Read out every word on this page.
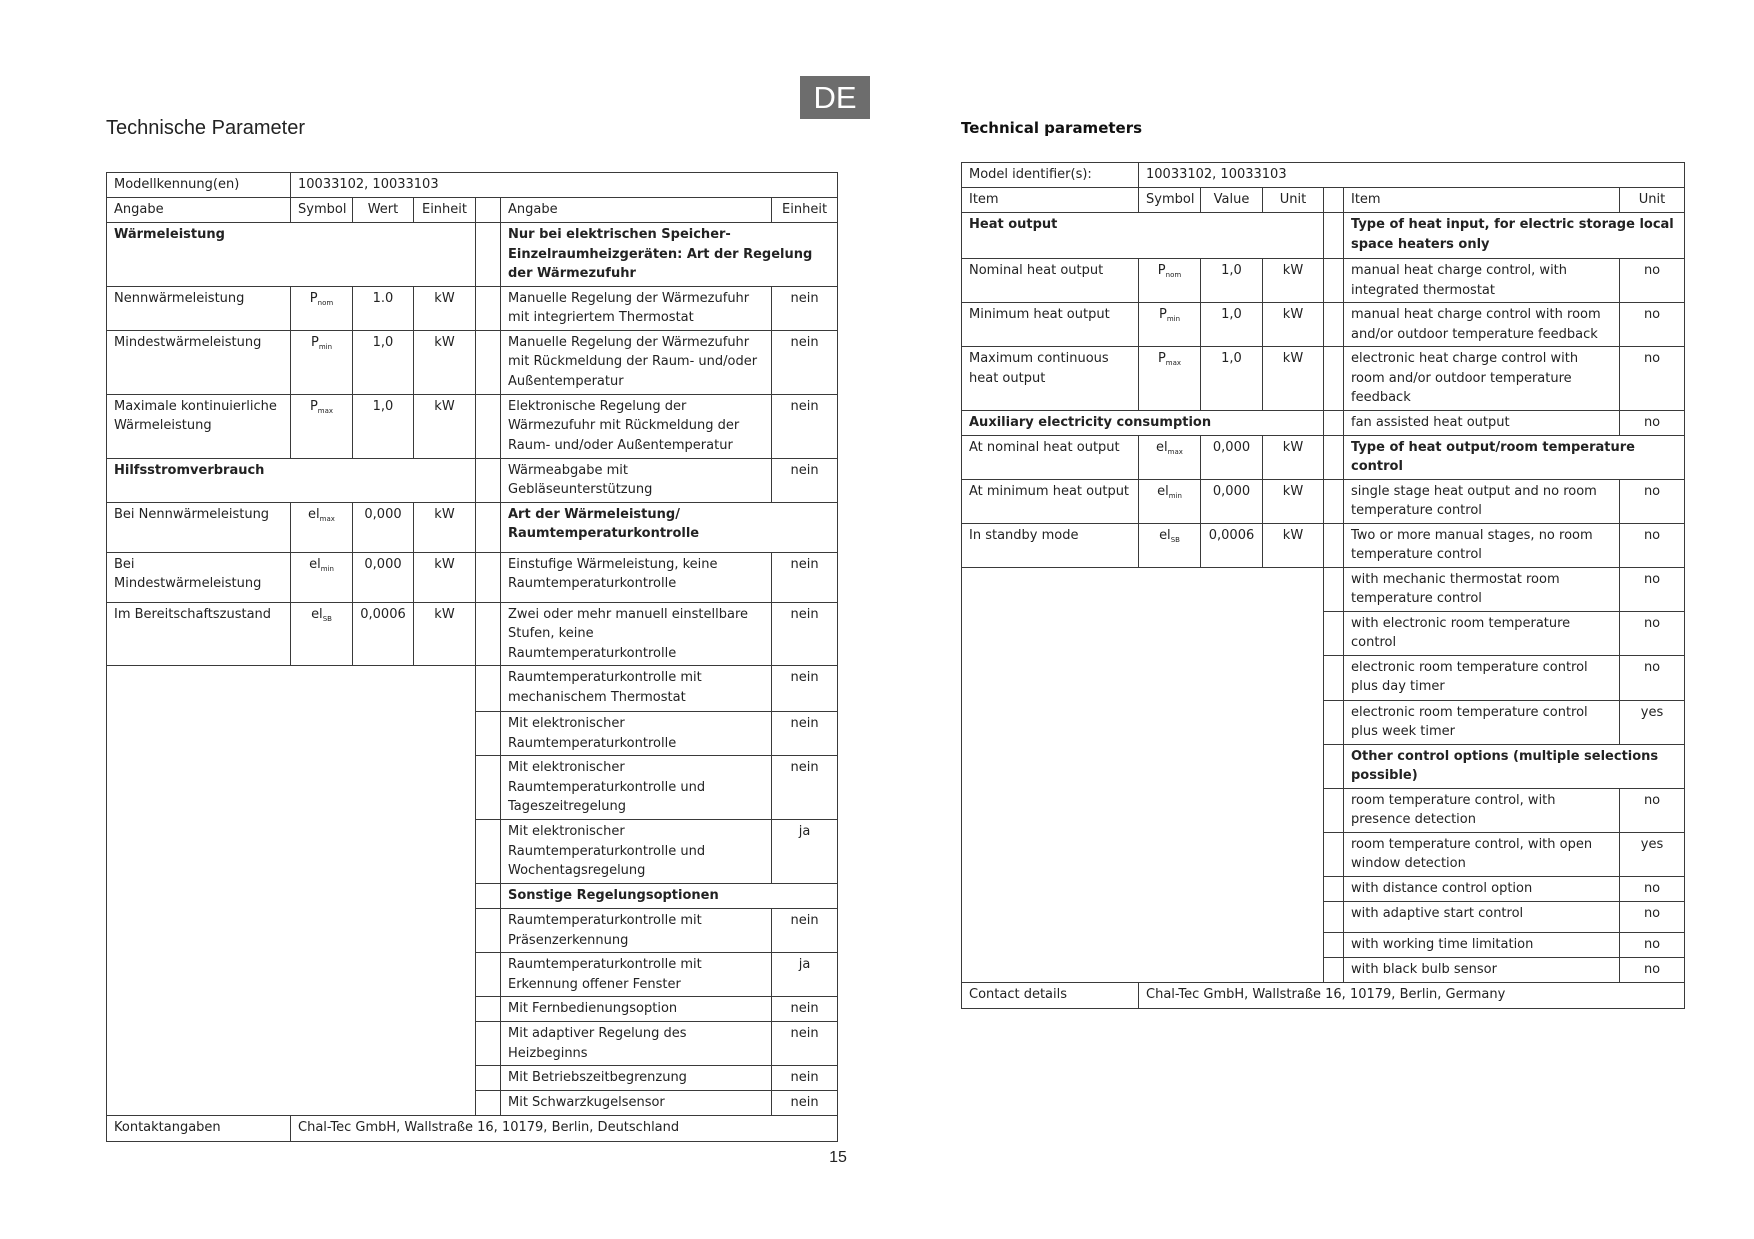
DE
Technische Parameter	Technical parameters
Modellkennung(en)	10033102, 10033103					
Angabe	Symbol	Wert	Einheit		Angabe	Einheit
Wärmeleistung					Nur bei elektrischen Speicher-Einzelraumheizgeräten: Art der Regelung der Wärmezufuhr	
Nennwärmeleistung	$P_{nom}$	1.0	kW		Manuelle Regelung der Wärmezufuhr mit integriertem Thermostat	nein
Mindestwärmeleistung	$P_{min}$	1,0	kW		Manuelle Regelung der Wärmezufuhr mit Rückmeldung der Raum- und/oder Außentemperatur	nein
Maximale kontinuierliche Wärmeleistung	$P_{max}$	1,0	kW		Elektronische Regelung der Wärmezufuhr mit Rückmeldung der Raum- und/oder Außentemperatur	nein
Hilfsstromverbrauch					Wärmeabgabe mit Gebläseunterstützung	nein
Bei Nennwärmeleistung	$el_{max}$	0,000	kW		Art der Wärmeleistung/ Raumtemperaturkontrolle	
Bei Mindestwärmeleistung	$el_{min}$	0,000	kW		Einstufige Wärmeleistung, keine Raumtemperaturkontrolle	nein
Im Bereitschaftszustand	$el_{SB}$	0,0006	kW		Zwei oder mehr manuell einstellbare Stufen, keine Raumtemperaturkontrolle	nein
					Raumtemperaturkontrolle mit mechanischem Thermostat	nein
					Mit elektronischer Raumtemperaturkontrolle	nein
					Mit elektronischer Raumtemperaturkontrolle und Tageszeitregelung	nein
					Mit elektronischer Raumtemperaturkontrolle und Wochentagsregelung	ja
					Sonstige Regelungsoptionen	
					Raumtemperaturkontrolle mit Präsenzerkennung	nein
					Raumtemperaturkontrolle mit Erkennung offener Fenster	ja
					Mit Fernbedienungsoption	nein
					Mit adaptiver Regelung des Heizbeginns	nein
					Mit Betriebszeitbegrenzung	nein
					Mit Schwarzkugelsensor	nein
Kontaktangaben	Chal-Tec GmbH, Wallstraße 16, 10179, Berlin, Deutschland					
Model identifier(s):	10033102, 10033103					
Item	Symbol	Value	Unit		Item	Unit
Heat output					Type of heat input, for electric storage local space heaters only	
Nominal heat output	$P_{nom}$	1,0	kW		manual heat charge control, with integrated thermostat	no
Minimum heat output	$P_{min}$	1,0	kW		manual heat charge control with room and/or outdoor temperature feedback	no
Maximum continuous heat output	$P_{max}$	1,0	kW		electronic heat charge control with room and/or outdoor temperature feedback	no
Auxiliary electricity consumption					fan assisted heat output	no
At nominal heat output	$el_{max}$	0,000	kW		Type of heat output/room temperature control	
At minimum heat output	$el_{min}$	0,000	kW		single stage heat output and no room temperature control	no
In standby mode	$el_{SB}$	0,0006	kW		Two or more manual stages, no room temperature control	no
					with mechanic thermostat room temperature control	no
					with electronic room temperature control	no
					electronic room temperature control plus day timer	no
					electronic room temperature control plus week timer	yes
					Other control options (multiple selections possible)	
					room temperature control, with presence detection	no
					room temperature control, with open window detection	yes
					with distance control option	no
					with adaptive start control	no
					with working time limitation	no
					with black bulb sensor	no
Contact details	Chal-Tec GmbH, Wallstraße 16, 10179, Berlin, Germany					
15
